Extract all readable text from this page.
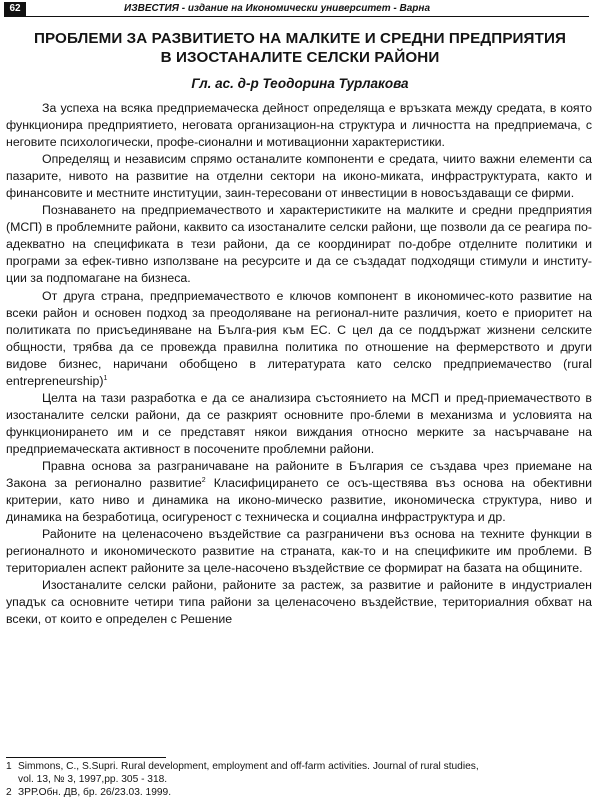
62	ИЗВЕСТИЯ - издание на Икономически университет - Варна
ПРОБЛЕМИ ЗА РАЗВИТИЕТО НА МАЛКИТЕ И СРЕДНИ ПРЕДПРИЯТИЯ
В ИЗОСТАНАЛИТЕ СЕЛСКИ РАЙОНИ
Гл. ас. д-р Теодорина Турлакова

За успеха на всяка предприемаческа дейност определяща е връзката между средата, в която функционира предприятието, неговата организацион-на структура и личността на предприемача, с неговите психологически, профе-сионални и мотивационни характеристики.

Определящ и независим спрямо останалите компоненти е средата, чиито важни елементи са пазарите, нивото на развитие на отделни сектори на иконо-миката, инфраструктурата, както и финансовите и местните институции, заин-тересовани от инвестиции в новосъздаващи се фирми.

Познаването на предприемачеството и характеристиките на малките и средни предприятия (МСП) в проблемните райони, каквито са изостаналите селски райони, ще позволи да се реагира по-адекватно на спецификата в тези райони, да се координират по-добре отделните политики и програми за ефек-тивно използване на ресурсите и да се създадат подходящи стимули и институ-ции за подпомагане на бизнеса.

От друга страна, предприемачеството е ключов компонент в икономичес-кото развитие на всеки район и основен подход за преодоляване на регионал-ните различия, което е приоритет на политиката по присъединяване на Бълга-рия към ЕС. С цел да се поддържат жизнени селските общности, трябва да се провежда правилна политика по отношение на фермерството и други видове бизнес, наричани обобщено в литературата като селско предприемачество (rural entrepreneurship)$^1$

Целта на тази разработка е да се анализира състоянието на МСП и пред-приемачеството в изостаналите селски райони, да се разкрият основните про-блеми в механизма и условията на функционирането им и се представят някои виждания относно мерките за насърчаване на предприемаческата активност в посочените проблемни райони.

Правна основа за разграничаване на районите в България се създава чрез приемане на Закона за регионално развитие$^2$ Класифицирането се осъ-ществява въз основа на обективни критерии, като ниво и динамика на иконо-мическо развитие, икономическа структура, ниво и динамика на безработица, осигуреност с техническа и социална инфраструктура и др.

Районите на целенасочено въздействие са разграничени въз основа на техните функции в регионалното и икономическото развитие на страната, как-то и на спецификите им проблеми. В териториален аспект районите за целе-насочено въздействие се формират на базата на общините.

Изостаналите селски райони, районите за растеж, за развитие и районите в индустриален упадък са основните четири типа райони за целенасочено въздействие, териториалния обхват на всеки, от които е определен с Решение

1 Simmons, C., S.Supri. Rural development, employment and off-farm activities. Journal of rural studies,
vol. 13, № 3, 1997,pp. 305 - 318.
2 ЗРР.Обн. ДВ, бр. 26/23.03. 1999.
